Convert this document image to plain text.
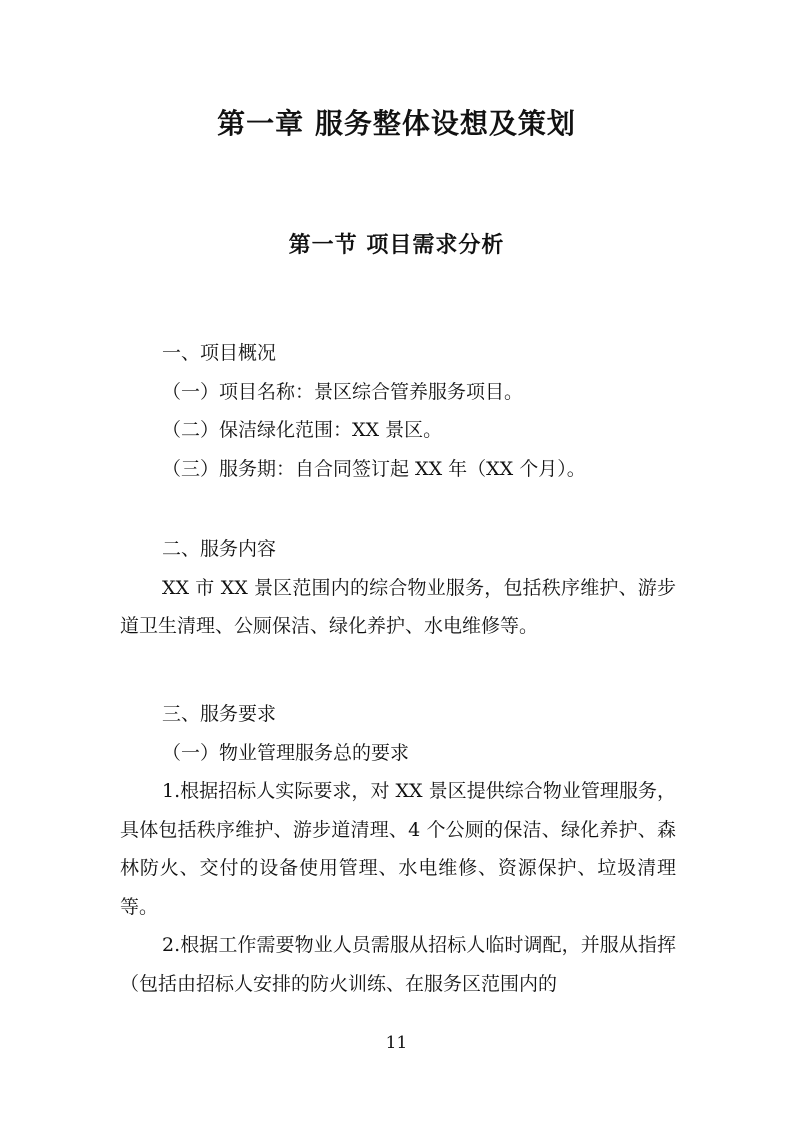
第一章 服务整体设想及策划
第一节 项目需求分析
一、项目概况
（一）项目名称：景区综合管养服务项目。
（二）保洁绿化范围：XX 景区。
（三）服务期：自合同签订起 XX 年（XX 个月）。
二、服务内容

XX 市 XX 景区范围内的综合物业服务，包括秩序维护、游步道卫生清理、公厕保洁、绿化养护、水电维修等。

三、服务要求
（一）物业管理服务总的要求

1.根据招标人实际要求，对 XX 景区提供综合物业管理服务，具体包括秩序维护、游步道清理、4 个公厕的保洁、绿化养护、森林防火、交付的设备使用管理、水电维修、资源保护、垃圾清理等。

2.根据工作需要物业人员需服从招标人临时调配，并服从指挥（包括由招标人安排的防火训练、在服务区范围内的

11
